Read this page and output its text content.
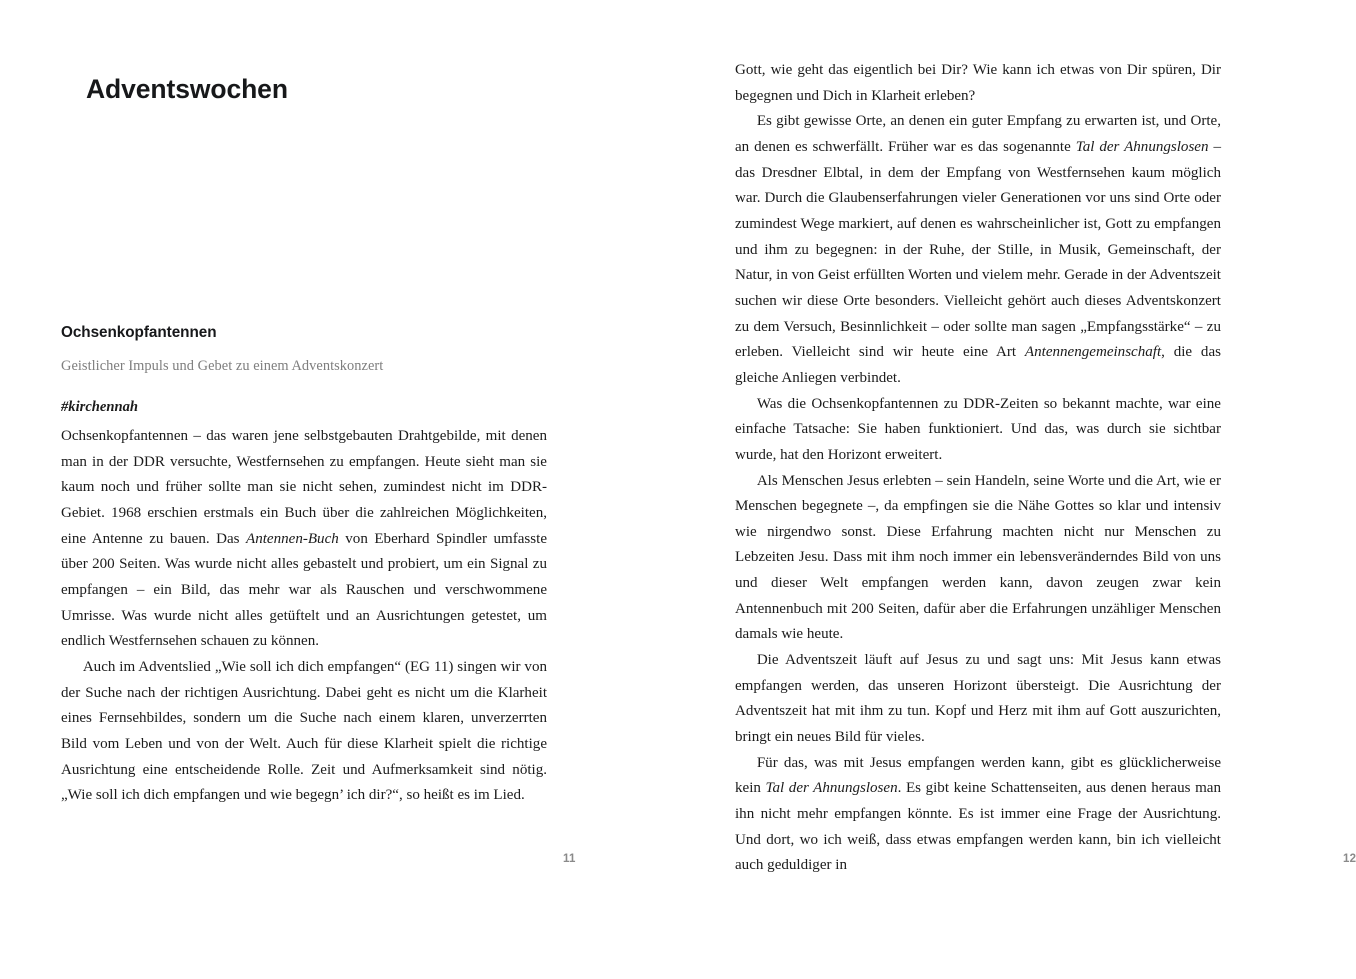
Adventswochen
Ochsenkopfantennen
Geistlicher Impuls und Gebet zu einem Adventskonzert
#kirchennah

Ochsenkopfantennen – das waren jene selbstgebauten Drahtgebilde, mit denen man in der DDR versuchte, Westfernsehen zu empfangen. Heute sieht man sie kaum noch und früher sollte man sie nicht sehen, zumindest nicht im DDR-Gebiet. 1968 erschien erstmals ein Buch über die zahlreichen Möglichkeiten, eine Antenne zu bauen. Das Antennen-Buch von Eberhard Spindler umfasste über 200 Seiten. Was wurde nicht alles gebastelt und probiert, um ein Signal zu empfangen – ein Bild, das mehr war als Rauschen und verschwommene Umrisse. Was wurde nicht alles getüftelt und an Ausrichtungen getestet, um endlich Westfernsehen schauen zu können.

Auch im Adventslied „Wie soll ich dich empfangen“ (EG 11) singen wir von der Suche nach der richtigen Ausrichtung. Dabei geht es nicht um die Klarheit eines Fernsehbildes, sondern um die Suche nach einem klaren, unverzerrten Bild vom Leben und von der Welt. Auch für diese Klarheit spielt die richtige Ausrichtung eine entscheidende Rolle. Zeit und Aufmerksamkeit sind nötig. „Wie soll ich dich empfangen und wie begegn’ ich dir?“, so heißt es im Lied.

11

Gott, wie geht das eigentlich bei Dir? Wie kann ich etwas von Dir spüren, Dir begegnen und Dich in Klarheit erleben?

Es gibt gewisse Orte, an denen ein guter Empfang zu erwarten ist, und Orte, an denen es schwerfällt. Früher war es das sogenannte Tal der Ahnungslosen – das Dresdner Elbtal, in dem der Empfang von Westfernsehen kaum möglich war. Durch die Glaubenserfahrungen vieler Generationen vor uns sind Orte oder zumindest Wege markiert, auf denen es wahrscheinlicher ist, Gott zu empfangen und ihm zu begegnen: in der Ruhe, der Stille, in Musik, Gemeinschaft, der Natur, in von Geist erfüllten Worten und vielem mehr. Gerade in der Adventszeit suchen wir diese Orte besonders. Vielleicht gehört auch dieses Adventskonzert zu dem Versuch, Besinnlichkeit – oder sollte man sagen „Empfangsstärke“ – zu erleben. Vielleicht sind wir heute eine Art Antennengemeinschaft, die das gleiche Anliegen verbindet.

Was die Ochsenkopfantennen zu DDR-Zeiten so bekannt machte, war eine einfache Tatsache: Sie haben funktioniert. Und das, was durch sie sichtbar wurde, hat den Horizont erweitert.

Als Menschen Jesus erlebten – sein Handeln, seine Worte und die Art, wie er Menschen begegnete –, da empfingen sie die Nähe Gottes so klar und intensiv wie nirgendwo sonst. Diese Erfahrung machten nicht nur Menschen zu Lebzeiten Jesu. Dass mit ihm noch immer ein lebensveränderndes Bild von uns und dieser Welt empfangen werden kann, davon zeugen zwar kein Antennenbuch mit 200 Seiten, dafür aber die Erfahrungen unzähliger Menschen damals wie heute.

Die Adventszeit läuft auf Jesus zu und sagt uns: Mit Jesus kann etwas empfangen werden, das unseren Horizont übersteigt. Die Ausrichtung der Adventszeit hat mit ihm zu tun. Kopf und Herz mit ihm auf Gott auszurichten, bringt ein neues Bild für vieles.

Für das, was mit Jesus empfangen werden kann, gibt es glücklicherweise kein Tal der Ahnungslosen. Es gibt keine Schattenseiten, aus denen heraus man ihn nicht mehr empfangen könnte. Es ist immer eine Frage der Ausrichtung. Und dort, wo ich weiß, dass etwas empfangen werden kann, bin ich vielleicht auch geduldiger in	12
